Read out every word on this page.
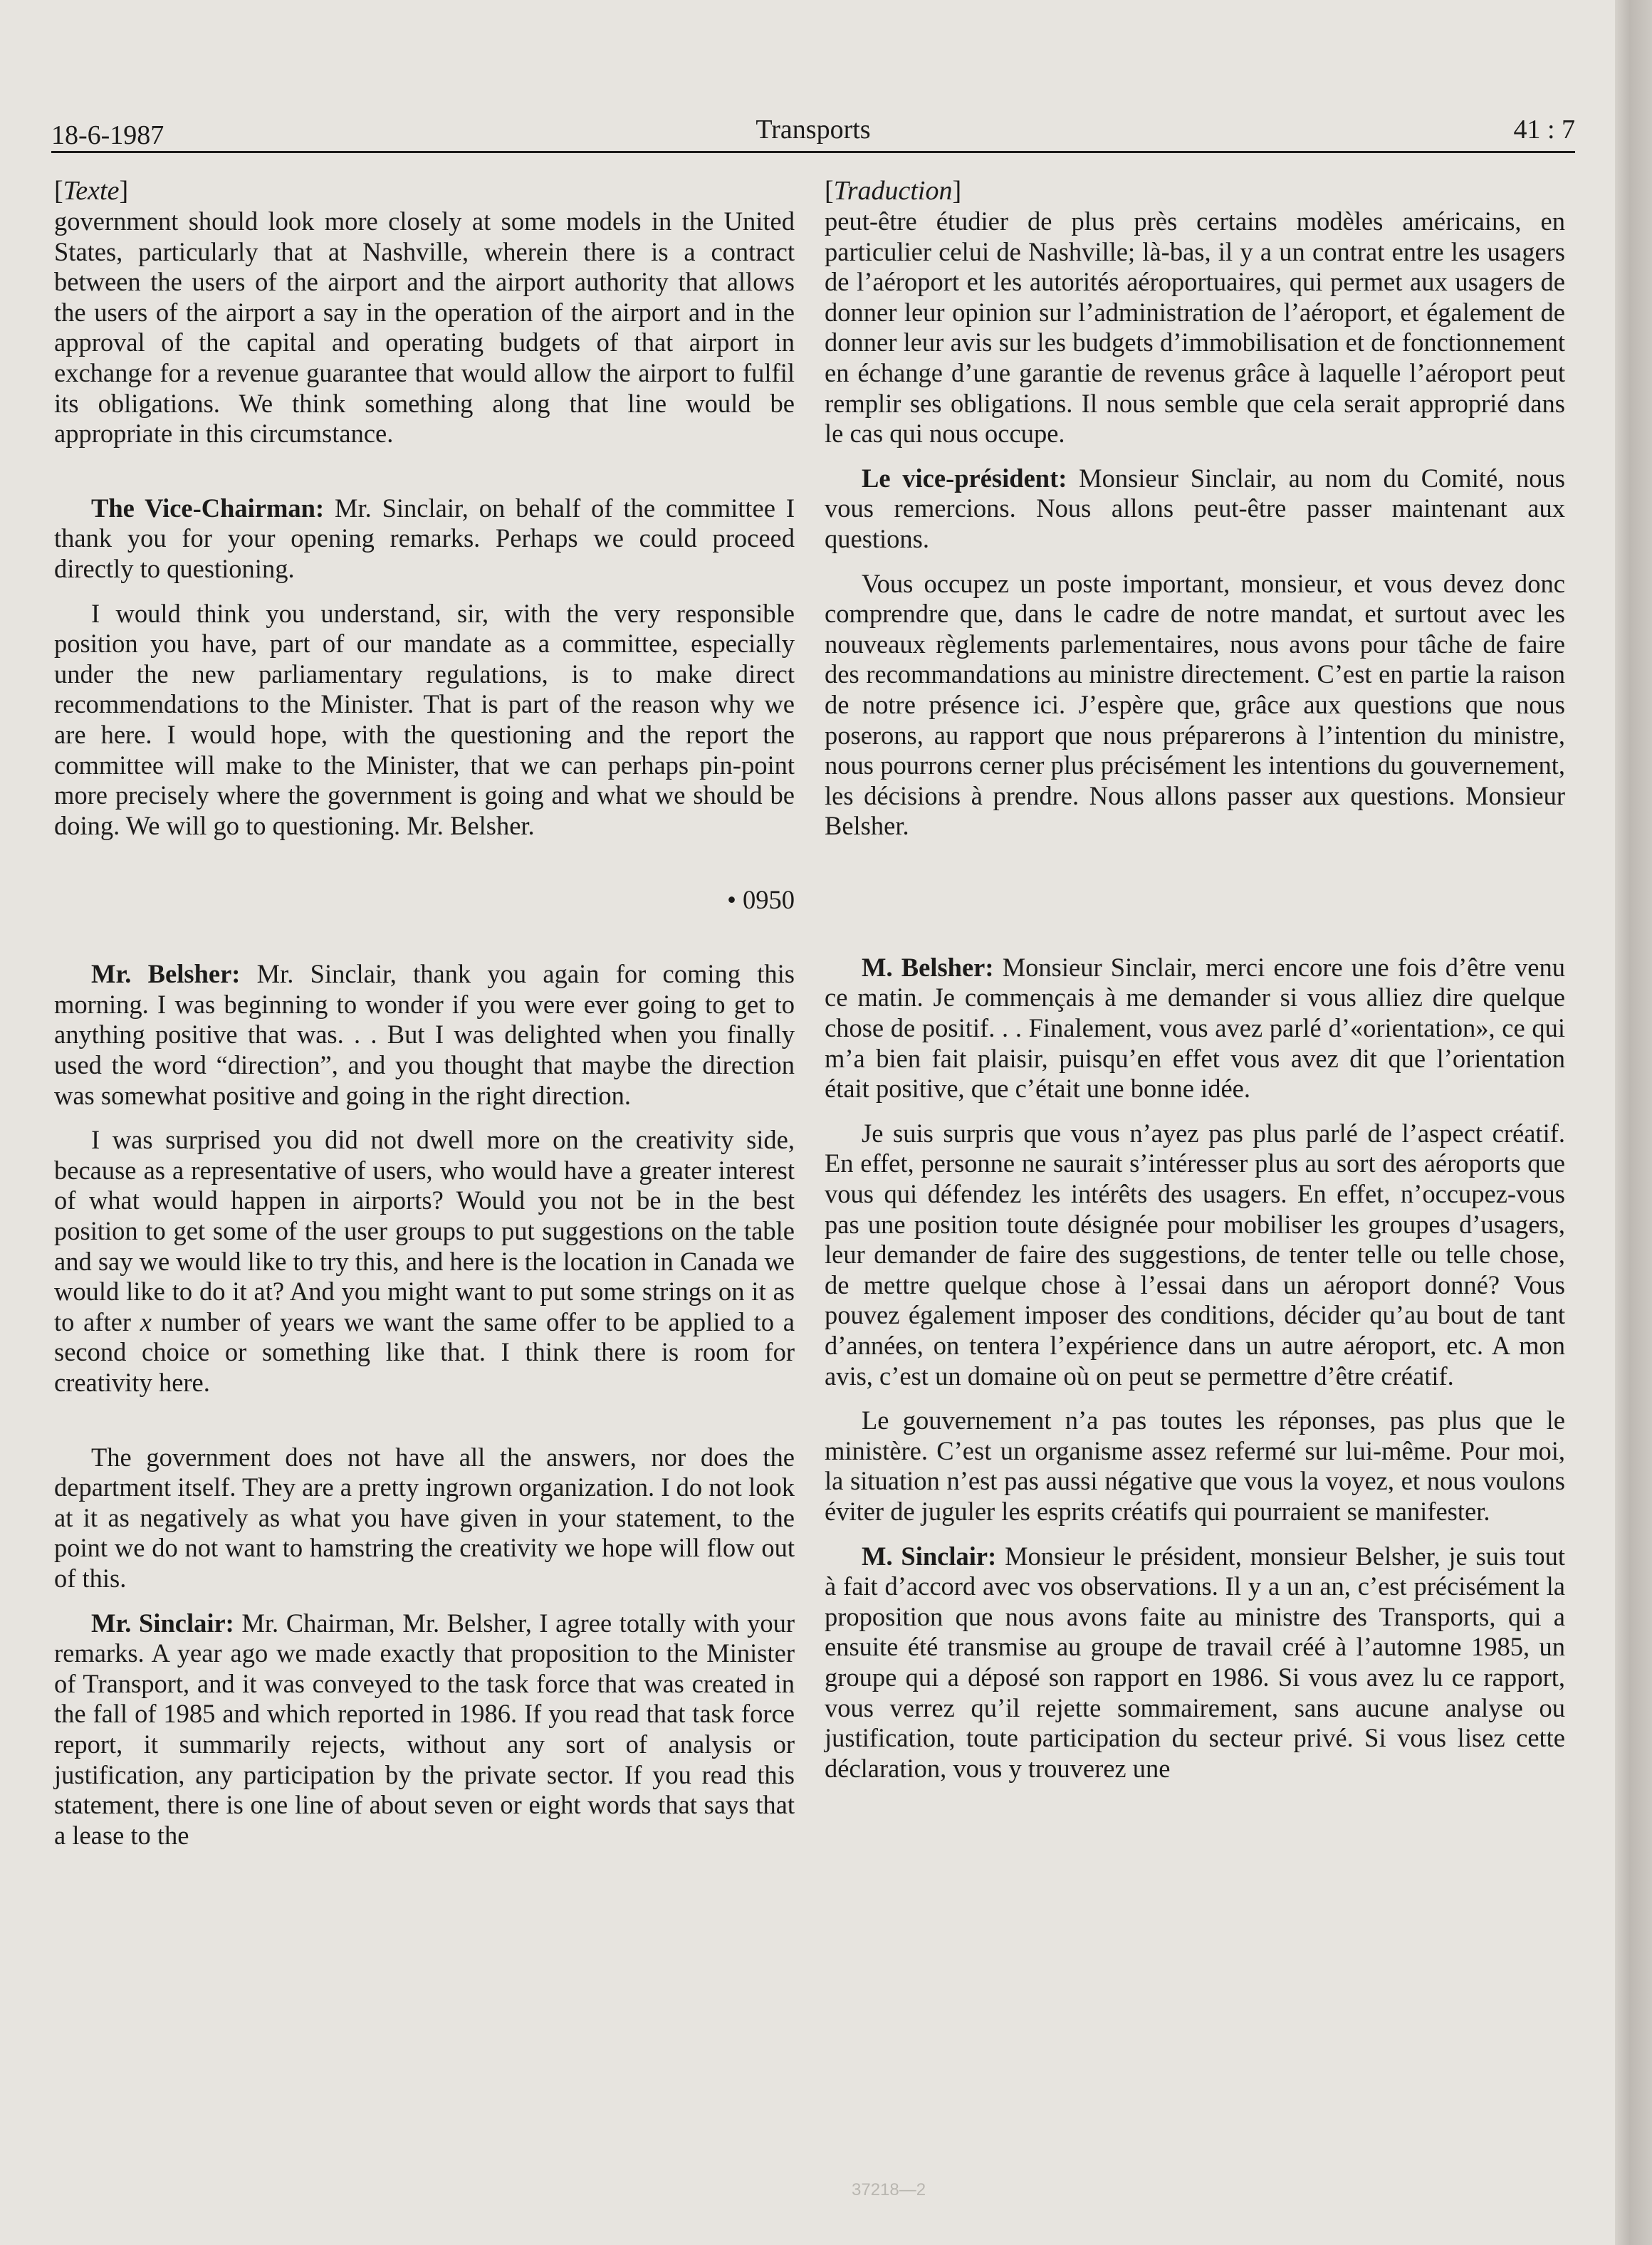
18-6-1987	Transports	41 : 7
[Texte]

government should look more closely at some models in the United States, particularly that at Nashville, wherein there is a contract between the users of the airport and the airport authority that allows the users of the airport a say in the operation of the airport and in the approval of the capital and operating budgets of that airport in exchange for a revenue guarantee that would allow the airport to fulfil its obligations. We think something along that line would be appropriate in this circumstance.

The Vice-Chairman: Mr. Sinclair, on behalf of the committee I thank you for your opening remarks. Perhaps we could proceed directly to questioning.

I would think you understand, sir, with the very responsible position you have, part of our mandate as a committee, especially under the new parliamentary regulations, is to make direct recommendations to the Minister. That is part of the reason why we are here. I would hope, with the questioning and the report the committee will make to the Minister, that we can perhaps pin-point more precisely where the government is going and what we should be doing. We will go to questioning. Mr. Belsher.

• 0950

Mr. Belsher: Mr. Sinclair, thank you again for coming this morning. I was beginning to wonder if you were ever going to get to anything positive that was. . . But I was delighted when you finally used the word “direction”, and you thought that maybe the direction was somewhat positive and going in the right direction.

I was surprised you did not dwell more on the creativity side, because as a representative of users, who would have a greater interest of what would happen in airports? Would you not be in the best position to get some of the user groups to put suggestions on the table and say we would like to try this, and here is the location in Canada we would like to do it at? And you might want to put some strings on it as to after x number of years we want the same offer to be applied to a second choice or something like that. I think there is room for creativity here.

The government does not have all the answers, nor does the department itself. They are a pretty ingrown organization. I do not look at it as negatively as what you have given in your statement, to the point we do not want to hamstring the creativity we hope will flow out of this.

Mr. Sinclair: Mr. Chairman, Mr. Belsher, I agree totally with your remarks. A year ago we made exactly that proposition to the Minister of Transport, and it was conveyed to the task force that was created in the fall of 1985 and which reported in 1986. If you read that task force report, it summarily rejects, without any sort of analysis or justification, any participation by the private sector. If you read this statement, there is one line of about seven or eight words that says that a lease to the

[Traduction]

peut-être étudier de plus près certains modèles américains, en particulier celui de Nashville; là-bas, il y a un contrat entre les usagers de l’aéroport et les autorités aéroportuaires, qui permet aux usagers de donner leur opinion sur l’administration de l’aéroport, et également de donner leur avis sur les budgets d’immobilisation et de fonctionnement en échange d’une garantie de revenus grâce à laquelle l’aéroport peut remplir ses obligations. Il nous semble que cela serait approprié dans le cas qui nous occupe.

Le vice-président: Monsieur Sinclair, au nom du Comité, nous vous remercions. Nous allons peut-être passer maintenant aux questions.

Vous occupez un poste important, monsieur, et vous devez donc comprendre que, dans le cadre de notre mandat, et surtout avec les nouveaux règlements parlementaires, nous avons pour tâche de faire des recommandations au ministre directement. C’est en partie la raison de notre présence ici. J’espère que, grâce aux questions que nous poserons, au rapport que nous préparerons à l’intention du ministre, nous pourrons cerner plus précisément les intentions du gouvernement, les décisions à prendre. Nous allons passer aux questions. Monsieur Belsher.

M. Belsher: Monsieur Sinclair, merci encore une fois d’être venu ce matin. Je commençais à me demander si vous alliez dire quelque chose de positif. . . Finalement, vous avez parlé d’«orientation», ce qui m’a bien fait plaisir, puisqu’en effet vous avez dit que l’orientation était positive, que c’était une bonne idée.

Je suis surpris que vous n’ayez pas plus parlé de l’aspect créatif. En effet, personne ne saurait s’intéresser plus au sort des aéroports que vous qui défendez les intérêts des usagers. En effet, n’occupez-vous pas une position toute désignée pour mobiliser les groupes d’usagers, leur demander de faire des suggestions, de tenter telle ou telle chose, de mettre quelque chose à l’essai dans un aéroport donné? Vous pouvez également imposer des conditions, décider qu’au bout de tant d’années, on tentera l’expérience dans un autre aéroport, etc. A mon avis, c’est un domaine où on peut se permettre d’être créatif.

Le gouvernement n’a pas toutes les réponses, pas plus que le ministère. C’est un organisme assez refermé sur lui-même. Pour moi, la situation n’est pas aussi négative que vous la voyez, et nous voulons éviter de juguler les esprits créatifs qui pourraient se manifester.

M. Sinclair: Monsieur le président, monsieur Belsher, je suis tout à fait d’accord avec vos observations. Il y a un an, c’est précisément la proposition que nous avons faite au ministre des Transports, qui a ensuite été transmise au groupe de travail créé à l’automne 1985, un groupe qui a déposé son rapport en 1986. Si vous avez lu ce rapport, vous verrez qu’il rejette sommairement, sans aucune analyse ou justification, toute participation du secteur privé. Si vous lisez cette déclaration, vous y trouverez une

37218—2
